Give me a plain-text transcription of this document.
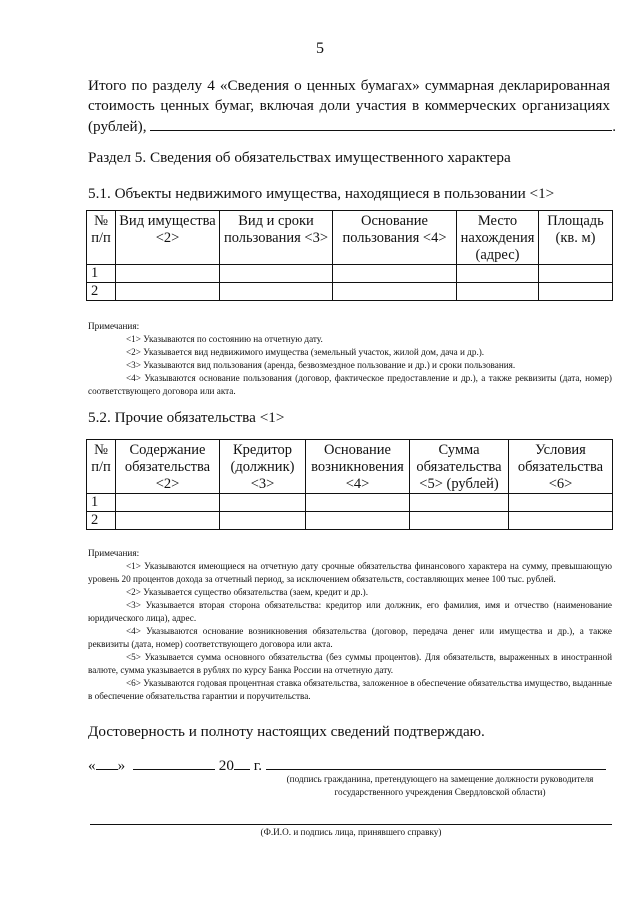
5
Итого по разделу 4 «Сведения о ценных бумагах» суммарная декларированная
стоимость ценных бумаг, включая доли участия в коммерческих организациях
(рублей),	.
Раздел 5. Сведения об обязательствах имущественного характера
5.1. Объекты недвижимого имущества, находящиеся в пользовании <1>
№ п/п	Вид имущества <2>	Вид и сроки пользования <3>	Основание пользования <4>	Место нахождения (адрес)	Площадь (кв. м)
1					
2					

Примечания:

<1> Указываются по состоянию на отчетную дату.

<2> Указывается вид недвижимого имущества (земельный участок, жилой дом, дача и др.).

<3> Указываются вид пользования (аренда, безвозмездное пользование и др.) и сроки пользования.

<4> Указываются основание пользования (договор, фактическое предоставление и др.), а также реквизиты (дата, номер) соответствующего договора или акта.

5.2. Прочие обязательства <1>
№ п/п	Содержание обязательства <2>	Кредитор (должник) <3>	Основание возникновения <4>	Сумма обязательства <5> (рублей)	Условия обязательства <6>
1					
2					

Примечания:

<1> Указываются имеющиеся на отчетную дату срочные обязательства финансового характера на сумму, превышающую уровень 20 процентов дохода за отчетный период, за исключением обязательств, составляющих менее 100 тыс. рублей.

<2> Указывается существо обязательства (заем, кредит и др.).

<3> Указывается вторая сторона обязательства: кредитор или должник, его фамилия, имя и отчество (наименование юридического лица), адрес.

<4> Указываются основание возникновения обязательства (договор, передача денег или имущества и др.), а также реквизиты (дата, номер) соответствующего договора или акта.

<5> Указывается сумма основного обязательства (без суммы процентов). Для обязательств, выраженных в иностранной валюте, сумма указывается в рублях по курсу Банка России на отчетную дату.

<6> Указываются годовая процентная ставка обязательства, заложенное в обеспечение обязательства имущество, выданные в обеспечение обязательства гарантии и поручительства.

Достоверность и полноту настоящих сведений подтверждаю.
« »	20 г.
(подпись гражданина, претендующего на замещение должности руководителя
государственного учреждения Свердловской области)
(Ф.И.О. и подпись лица, принявшего справку)
